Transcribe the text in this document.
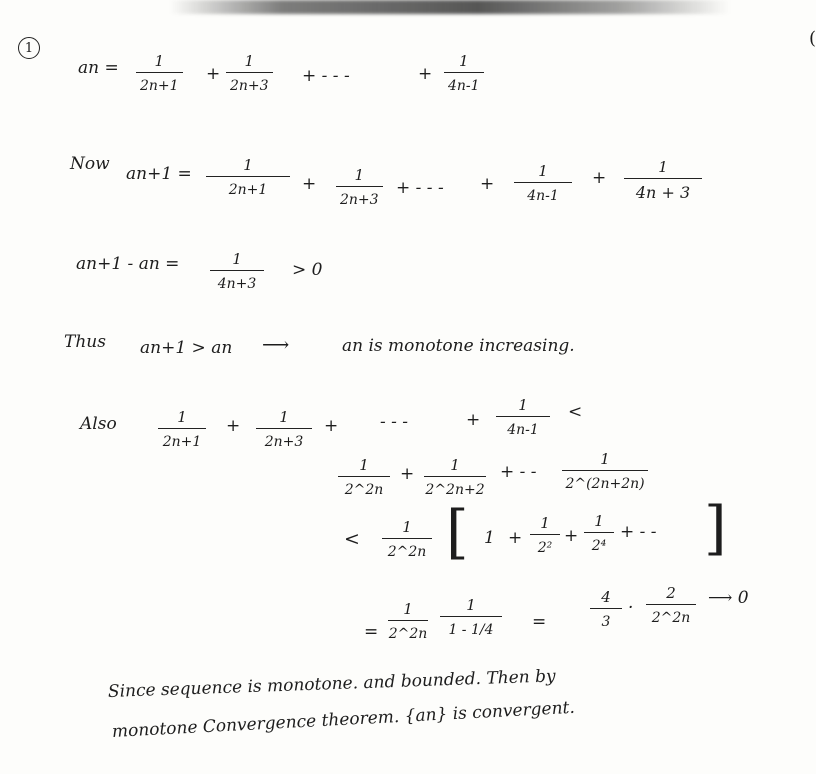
1	(
an = 1
2n+1
+
1
2n+3
+ - - -	+
1
4n-1
Now an+1 =	1
2n+1 +	1
2n+3
+ - - - +
1
4n-1
+
1
4n + 3
an+1 - an =	1
4n+3
> 0
Thus an+1 > an ⟶	an is monotone increasing.
Also	1
2n+1
+	1
2n+3
+ - - -	+
1
4n-1
<
1
2^2n
+ 1
2^2n+2
+ - -
1
2^(2n+2n)
<
1
2^2n [ 1 +
1
2²
+
1
2⁴
+ - - ]
=
1
2^2n
1
1 - 1/4 =
4
3
·
2
2^2n
⟶ 0
Since sequence is monotone. and bounded. Then by
monotone Convergence theorem. {an} is convergent.
